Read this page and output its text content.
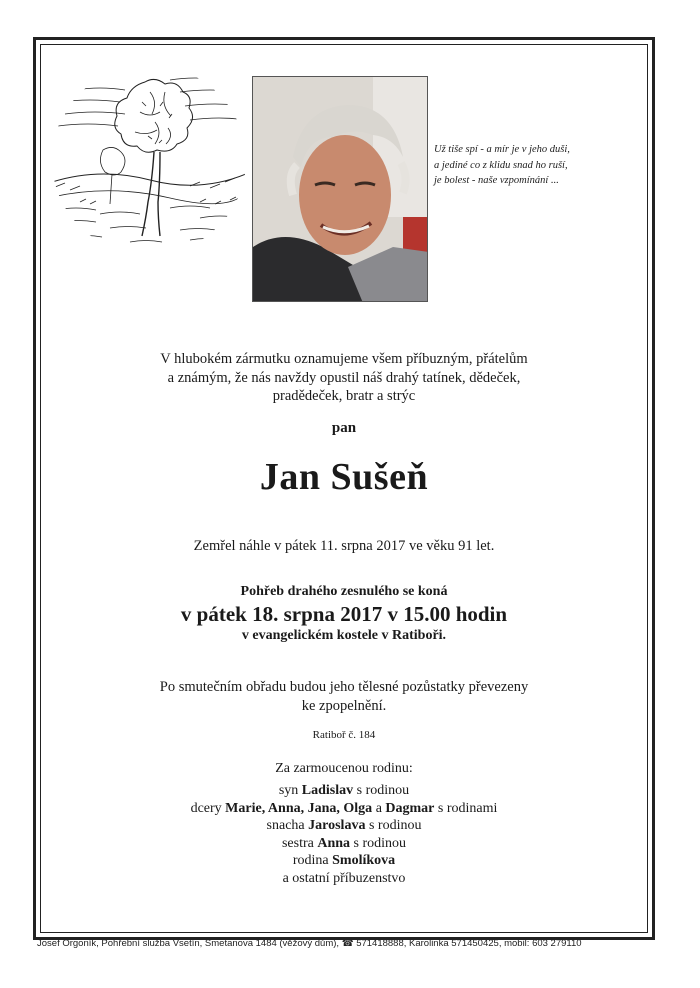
Už tiše spí - a mír je v jeho duši,
a jediné co z klidu snad ho ruší,
je bolest - naše vzpomínání ...
V hlubokém zármutku oznamujeme všem příbuzným, přátelům
a známým, že nás navždy opustil náš drahý tatínek, dědeček,
pradědeček, bratr a strýc
pan
Jan Sušeň
Zemřel náhle v pátek 11. srpna 2017 ve věku 91 let.
Pohřeb drahého zesnulého se koná
v pátek 18. srpna 2017 v 15.00 hodin
v evangelickém kostele v Ratiboři.
Po smutečním obřadu budou jeho tělesné pozůstatky převezeny
ke zpopelnění.
Ratiboř č. 184
Za zarmoucenou rodinu:
syn Ladislav s rodinou
dcery Marie, Anna, Jana, Olga a Dagmar s rodinami
snacha Jaroslava s rodinou
sestra Anna s rodinou
rodina Smolíkova
a ostatní příbuzenstvo
Josef Orgoník, Pohřební služba Vsetín, Smetanova 1484 (věžový dům), ☎ 571418888, Karolinka 571450425, mobil: 603 279110
